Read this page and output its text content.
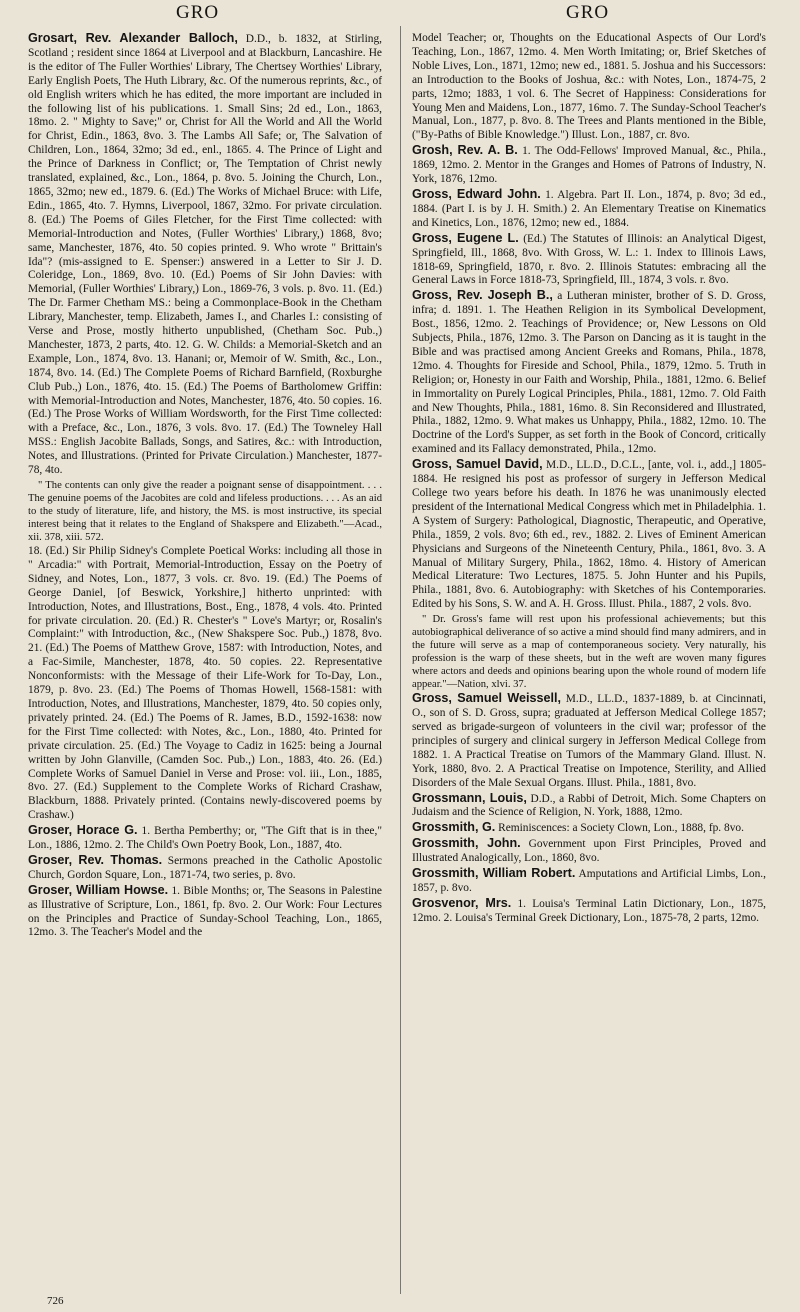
GRO	GRO

Grosart, Rev. Alexander Balloch, D.D., b. 1832, at Stirling, Scotland ; resident since 1864 at Liverpool and at Blackburn, Lancashire. He is the editor of The Fuller Worthies' Library, The Chertsey Worthies' Library, Early English Poets, The Huth Library, &c. Of the numerous reprints, &c., of old English writers which he has edited, the more important are included in the following list of his publications. 1. Small Sins; 2d ed., Lon., 1863, 18mo. 2. " Mighty to Save;" or, Christ for All the World and All the World for Christ, Edin., 1863, 8vo. 3. The Lambs All Safe; or, The Salvation of Children, Lon., 1864, 32mo; 3d ed., enl., 1865. 4. The Prince of Light and the Prince of Darkness in Conflict; or, The Temptation of Christ newly translated, explained, &c., Lon., 1864, p. 8vo. 5. Joining the Church, Lon., 1865, 32mo; new ed., 1879. 6. (Ed.) The Works of Michael Bruce: with Life, Edin., 1865, 4to. 7. Hymns, Liverpool, 1867, 32mo. For private circulation. 8. (Ed.) The Poems of Giles Fletcher, for the First Time collected: with Memorial-Introduction and Notes, (Fuller Worthies' Library,) 1868, 8vo; same, Manchester, 1876, 4to. 50 copies printed. 9. Who wrote " Brittain's Ida"? (mis-assigned to E. Spenser:) answered in a Letter to Sir J. D. Coleridge, Lon., 1869, 8vo. 10. (Ed.) Poems of Sir John Davies: with Memorial, (Fuller Worthies' Library,) Lon., 1869-76, 3 vols. p. 8vo. 11. (Ed.) The Dr. Farmer Chetham MS.: being a Commonplace-Book in the Chetham Library, Manchester, temp. Elizabeth, James I., and Charles I.: consisting of Verse and Prose, mostly hitherto unpublished, (Chetham Soc. Pub.,) Manchester, 1873, 2 parts, 4to. 12. G. W. Childs: a Memorial-Sketch and an Example, Lon., 1874, 8vo. 13. Hanani; or, Memoir of W. Smith, &c., Lon., 1874, 8vo. 14. (Ed.) The Complete Poems of Richard Barnfield, (Roxburghe Club Pub.,) Lon., 1876, 4to. 15. (Ed.) The Poems of Bartholomew Griffin: with Memorial-Introduction and Notes, Manchester, 1876, 4to. 50 copies. 16. (Ed.) The Prose Works of William Wordsworth, for the First Time collected: with a Preface, &c., Lon., 1876, 3 vols. 8vo. 17. (Ed.) The Towneley Hall MSS.: English Jacobite Ballads, Songs, and Satires, &c.: with Introduction, Notes, and Illustrations. (Printed for Private Circulation.) Manchester, 1877-78, 4to.

" The contents can only give the reader a poignant sense of disappointment. . . . The genuine poems of the Jacobites are cold and lifeless productions. . . . As an aid to the study of literature, life, and history, the MS. is most instructive, its special interest being that it relates to the England of Shakspere and Elizabeth."—Acad., xii. 378, xiii. 572.

18. (Ed.) Sir Philip Sidney's Complete Poetical Works: including all those in " Arcadia:" with Portrait, Memorial-Introduction, Essay on the Poetry of Sidney, and Notes, Lon., 1877, 3 vols. cr. 8vo. 19. (Ed.) The Poems of George Daniel, [of Beswick, Yorkshire,] hitherto unprinted: with Introduction, Notes, and Illustrations, Bost., Eng., 1878, 4 vols. 4to. Printed for private circulation. 20. (Ed.) R. Chester's " Love's Martyr; or, Rosalin's Complaint:" with Introduction, &c., (New Shakspere Soc. Pub.,) 1878, 8vo. 21. (Ed.) The Poems of Matthew Grove, 1587: with Introduction, Notes, and a Fac-Simile, Manchester, 1878, 4to. 50 copies. 22. Representative Nonconformists: with the Message of their Life-Work for To-Day, Lon., 1879, p. 8vo. 23. (Ed.) The Poems of Thomas Howell, 1568-1581: with Introduction, Notes, and Illustrations, Manchester, 1879, 4to. 50 copies only, privately printed. 24. (Ed.) The Poems of R. James, B.D., 1592-1638: now for the First Time collected: with Notes, &c., Lon., 1880, 4to. Printed for private circulation. 25. (Ed.) The Voyage to Cadiz in 1625: being a Journal written by John Glanville, (Camden Soc. Pub.,) Lon., 1883, 4to. 26. (Ed.) Complete Works of Samuel Daniel in Verse and Prose: vol. iii., Lon., 1885, 8vo. 27. (Ed.) Supplement to the Complete Works of Richard Crashaw, Blackburn, 1888. Privately printed. (Contains newly-discovered poems by Crashaw.)

Groser, Horace G. 1. Bertha Pemberthy; or, "The Gift that is in thee," Lon., 1886, 12mo. 2. The Child's Own Poetry Book, Lon., 1887, 4to.

Groser, Rev. Thomas. Sermons preached in the Catholic Apostolic Church, Gordon Square, Lon., 1871-74, two series, p. 8vo.

Groser, William Howse. 1. Bible Months; or, The Seasons in Palestine as Illustrative of Scripture, Lon., 1861, fp. 8vo. 2. Our Work: Four Lectures on the Principles and Practice of Sunday-School Teaching, Lon., 1865, 12mo. 3. The Teacher's Model and the

Model Teacher; or, Thoughts on the Educational Aspects of Our Lord's Teaching, Lon., 1867, 12mo. 4. Men Worth Imitating; or, Brief Sketches of Noble Lives, Lon., 1871, 12mo; new ed., 1881. 5. Joshua and his Successors: an Introduction to the Books of Joshua, &c.: with Notes, Lon., 1874-75, 2 parts, 12mo; 1883, 1 vol. 6. The Secret of Happiness: Considerations for Young Men and Maidens, Lon., 1877, 16mo. 7. The Sunday-School Teacher's Manual, Lon., 1877, p. 8vo. 8. The Trees and Plants mentioned in the Bible, ("By-Paths of Bible Knowledge.") Illust. Lon., 1887, cr. 8vo.

Grosh, Rev. A. B. 1. The Odd-Fellows' Improved Manual, &c., Phila., 1869, 12mo. 2. Mentor in the Granges and Homes of Patrons of Industry, N. York, 1876, 12mo.

Gross, Edward John. 1. Algebra. Part II. Lon., 1874, p. 8vo; 3d ed., 1884. (Part I. is by J. H. Smith.) 2. An Elementary Treatise on Kinematics and Kinetics, Lon., 1876, 12mo; new ed., 1884.

Gross, Eugene L. (Ed.) The Statutes of Illinois: an Analytical Digest, Springfield, Ill., 1868, 8vo. With Gross, W. L.: 1. Index to Illinois Laws, 1818-69, Springfield, 1870, r. 8vo. 2. Illinois Statutes: embracing all the General Laws in Force 1818-73, Springfield, Ill., 1874, 3 vols. r. 8vo.

Gross, Rev. Joseph B., a Lutheran minister, brother of S. D. Gross, infra; d. 1891. 1. The Heathen Religion in its Symbolical Development, Bost., 1856, 12mo. 2. Teachings of Providence; or, New Lessons on Old Subjects, Phila., 1876, 12mo. 3. The Parson on Dancing as it is taught in the Bible and was practised among Ancient Greeks and Romans, Phila., 1878, 12mo. 4. Thoughts for Fireside and School, Phila., 1879, 12mo. 5. Truth in Religion; or, Honesty in our Faith and Worship, Phila., 1881, 12mo. 6. Belief in Immortality on Purely Logical Principles, Phila., 1881, 12mo. 7. Old Faith and New Thoughts, Phila., 1881, 16mo. 8. Sin Reconsidered and Illustrated, Phila., 1882, 12mo. 9. What makes us Unhappy, Phila., 1882, 12mo. 10. The Doctrine of the Lord's Supper, as set forth in the Book of Concord, critically examined and its Fallacy demonstrated, Phila., 12mo.

Gross, Samuel David, M.D., LL.D., D.C.L., [ante, vol. i., add.,] 1805-1884. He resigned his post as professor of surgery in Jefferson Medical College two years before his death. In 1876 he was unanimously elected president of the International Medical Congress which met in Philadelphia. 1. A System of Surgery: Pathological, Diagnostic, Therapeutic, and Operative, Phila., 1859, 2 vols. 8vo; 6th ed., rev., 1882. 2. Lives of Eminent American Physicians and Surgeons of the Nineteenth Century, Phila., 1861, 8vo. 3. A Manual of Military Surgery, Phila., 1862, 18mo. 4. History of American Medical Literature: Two Lectures, 1875. 5. John Hunter and his Pupils, Phila., 1881, 8vo. 6. Autobiography: with Sketches of his Contemporaries. Edited by his Sons, S. W. and A. H. Gross. Illust. Phila., 1887, 2 vols. 8vo.

" Dr. Gross's fame will rest upon his professional achievements; but this autobiographical deliverance of so active a mind should find many admirers, and in the future will serve as a map of contemporaneous society. Very naturally, his profession is the warp of these sheets, but in the weft are woven many figures where actors and deeds and opinions bearing upon the whole round of modern life appear."—Nation, xlvi. 37.

Gross, Samuel Weissell, M.D., LL.D., 1837-1889, b. at Cincinnati, O., son of S. D. Gross, supra; graduated at Jefferson Medical College 1857; served as brigade-surgeon of volunteers in the civil war; professor of the principles of surgery and clinical surgery in Jefferson Medical College from 1882. 1. A Practical Treatise on Tumors of the Mammary Gland. Illust. N. York, 1880, 8vo. 2. A Practical Treatise on Impotence, Sterility, and Allied Disorders of the Male Sexual Organs. Illust. Phila., 1881, 8vo.

Grossmann, Louis, D.D., a Rabbi of Detroit, Mich. Some Chapters on Judaism and the Science of Religion, N. York, 1888, 12mo.

Grossmith, G. Reminiscences: a Society Clown, Lon., 1888, fp. 8vo.

Grossmith, John. Government upon First Principles, Proved and Illustrated Analogically, Lon., 1860, 8vo.

Grossmith, William Robert. Amputations and Artificial Limbs, Lon., 1857, p. 8vo.

Grosvenor, Mrs. 1. Louisa's Terminal Latin Dictionary, Lon., 1875, 12mo. 2. Louisa's Terminal Greek Dictionary, Lon., 1875-78, 2 parts, 12mo.

726
